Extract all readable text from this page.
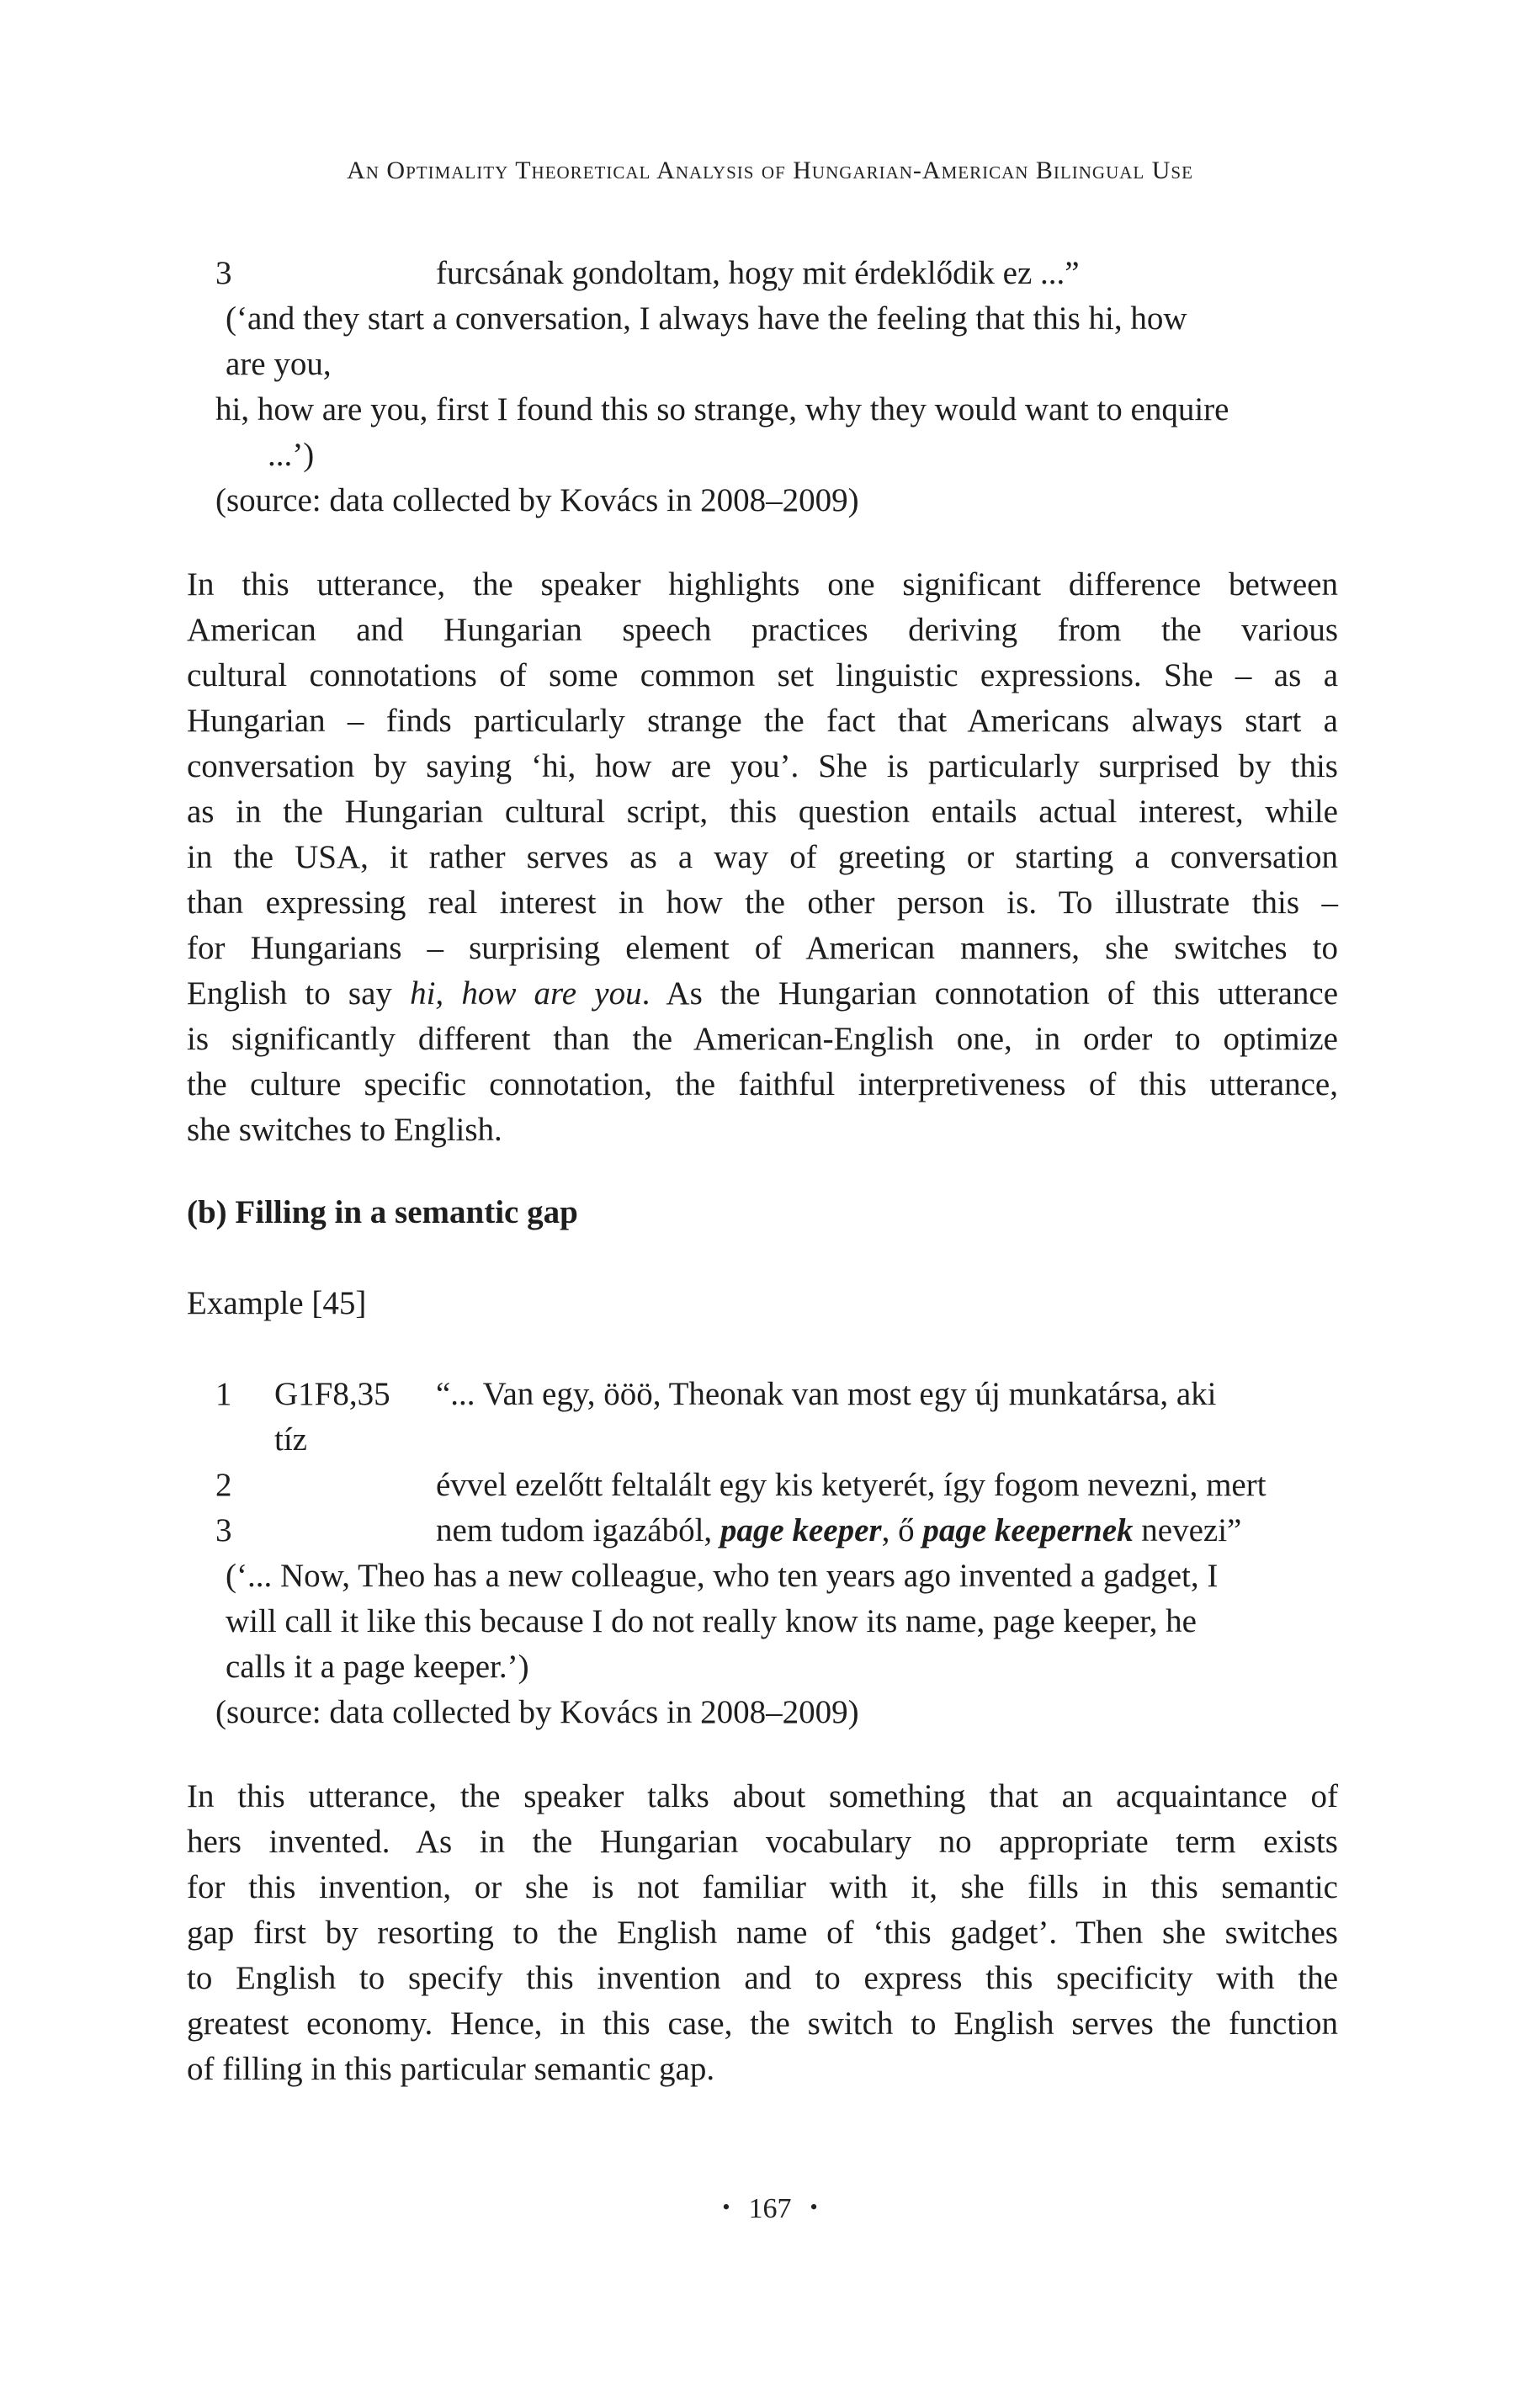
An Optimality Theoretical Analysis of Hungarian-American Bilingual Use
3	furcsának gondoltam, hogy mit érdeklődik ez ...”
(‘and they start a conversation, I always have the feeling that this hi, how
are you,
hi, how are you, first I found this so strange, why they would want to enquire
...’)
(source: data collected by Kovács in 2008–2009)
In this utterance, the speaker highlights one significant difference between
American and Hungarian speech practices deriving from the various
cultural connotations of some common set linguistic expressions. She – as a
Hungarian – finds particularly strange the fact that Americans always start a
conversation by saying ‘hi, how are you’. She is particularly surprised by this
as in the Hungarian cultural script, this question entails actual interest, while
in the USA, it rather serves as a way of greeting or starting a conversation
than expressing real interest in how the other person is. To illustrate this –
for Hungarians – surprising element of American manners, she switches to
English to say hi, how are you. As the Hungarian connotation of this utterance
is significantly different than the American-English one, in order to optimize
the culture specific connotation, the faithful interpretiveness of this utterance,
she switches to English.
(b) Filling in a semantic gap
Example [45]
1 G1F8,35 “... Van egy, ööö, Theonak van most egy új munkatársa, aki
tíz
2	évvel ezelőtt feltalált egy kis ketyerét, így fogom nevezni, mert
3	nem tudom igazából, page keeper, ő page keepernek nevezi”
(‘... Now, Theo has a new colleague, who ten years ago invented a gadget, I
will call it like this because I do not really know its name, page keeper, he
calls it a page keeper.’)
(source: data collected by Kovács in 2008–2009)
In this utterance, the speaker talks about something that an acquaintance of
hers invented. As in the Hungarian vocabulary no appropriate term exists
for this invention, or she is not familiar with it, she fills in this semantic
gap first by resorting to the English name of ‘this gadget’. Then she switches
to English to specify this invention and to express this specificity with the
greatest economy. Hence, in this case, the switch to English serves the function
of filling in this particular semantic gap.
• 167 •
